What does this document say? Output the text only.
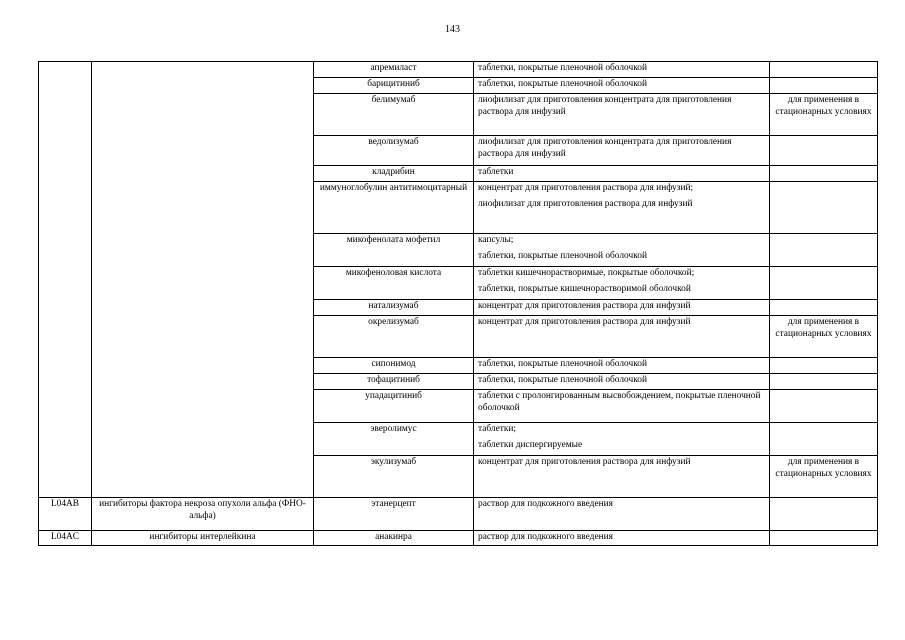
143
		апремиласт	таблетки, покрытые пленочной оболочкой	

		барицитиниб	таблетки, покрытые пленочной оболочкой	

		белимумаб	лиофилизат для приготовления концентрата для приготовления раствора для инфузий	для применения в стационарных условиях
		ведолизумаб	лиофилизат для приготовления концентрата для приготовления раствора для инфузий	

		кладрибин	таблетки	

		иммуноглобулин антитимоцитарный	концентрат для приготовления раствора для инфузий;
лиофилизат для приготовления раствора для инфузий	

		микофенолата мофетил	капсулы;
таблетки, покрытые пленочной оболочкой	

		микофеноловая кислота	таблетки кишечнорастворимые, покрытые оболочкой;
таблетки, покрытые кишечнорастворимой оболочкой	

		натализумаб	концентрат для приготовления раствора для инфузий	

		окрелизумаб	концентрат для приготовления раствора для инфузий	для применения в стационарных условиях
		сипонимод	таблетки, покрытые пленочной оболочкой	

		тофацитиниб	таблетки, покрытые пленочной оболочкой	

		упадацитиниб	таблетки с пролонгированным высвобождением, покрытые пленочной оболочкой	

		эверолимус	таблетки;
таблетки диспергируемые	

		экулизумаб	концентрат для приготовления раствора для инфузий	для применения в стационарных условиях
L04AB	ингибиторы фактора некроза опухоли альфа (ФНО-альфа)	этанерцепт	раствор для подкожного введения	

L04AC	ингибиторы интерлейкина	анакинра	раствор для подкожного введения	
